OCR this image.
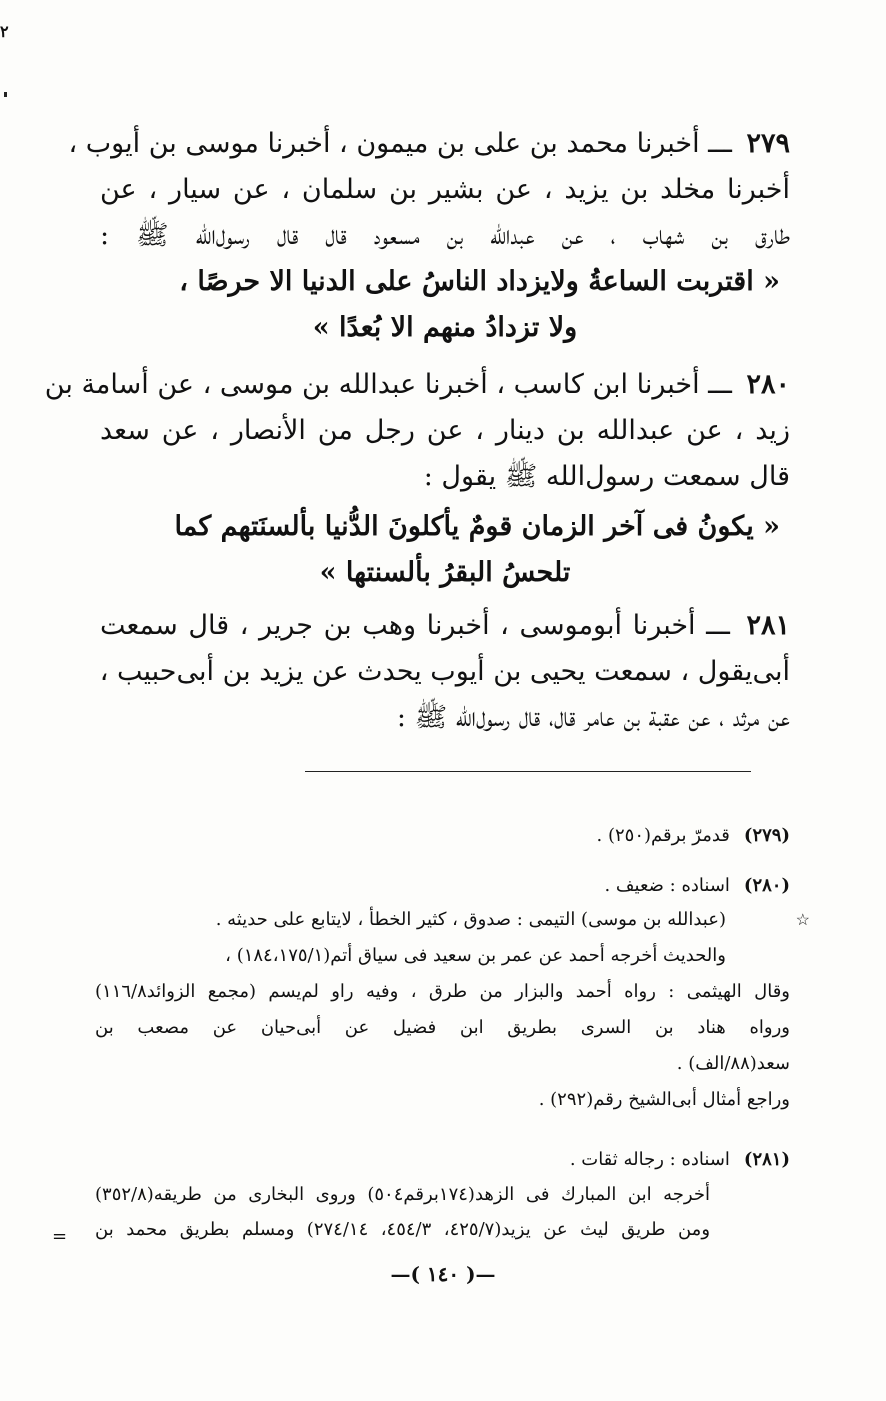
٢
٢٧٩ ـــ أخبرنا محمد بن على بن ميمون ، أخبرنا موسى بن أيوب ،
أخبرنا مخلد بن يزيد ، عن بشير بن سلمان ، عن سيار ، عن
طارق بن شهاب ، عن عبدالله بن مسعود قال قال رسول‌الله ﷺ :
« اقتربت الساعةُ ولايزداد الناسُ على الدنيا الا حرصًا ،
ولا تزدادُ منهم الا بُعدًا »
٢٨٠ ـــ أخبرنا ابن كاسب ، أخبرنا عبدالله بن موسى ، عن أسامة بن
زيد ، عن عبدالله بن دينار ، عن رجل من الأنصار ، عن سعد
قال سمعت رسول‌الله ﷺ يقول :
« يكونُ فى آخر الزمان قومٌ يأكلونَ الدُّنيا بألسنَتهم كما
تلحسُ البقرُ بألسنتها »
٢٨١ ـــ أخبرنا أبوموسى ، أخبرنا وهب بن جرير ، قال سمعت
أبى‌يقول ، سمعت يحيى بن أيوب يحدث عن يزيد بن أبى‌حبيب ،
عن مرثد ، عن عقبة بن عامر قال، قال رسول‌الله ﷺ :
(٢٧٩)قدمرّ برقم(٢٥٠) .
(٢٨٠)اسناده : ضعيف .
☆
(عبدالله بن موسى) التيمى : صدوق ، كثير الخطأ ، لايتابع على حديثه .
والحديث أخرجه أحمد عن عمر بن سعيد فى سياق أتم(١٨٤،١٧٥/١) ،
وقال الهيثمى : رواه أحمد والبزار من طرق ، وفيه راو لم‌يسم (مجمع الزوائد١١٦/٨)
ورواه هناد بن السرى بطريق ابن فضيل عن أبى‌حيان عن مصعب بن
سعد(٨٨/الف) .
وراجع أمثال أبى‌الشيخ رقم(٢٩٢) .
(٢٨١)اسناده : رجاله ثقات .
أخرجه ابن المبارك فى الزهد(١٧٤برقم٥٠٤) وروى البخارى من طريقه(٣٥٢/٨)
ومن طريق ليث عن يزيد(٤٢٥/٧، ٤٥٤/٣، ٢٧٤/١٤) ومسلم بطريق محمد بن
=
—( ١٤٠ )—
